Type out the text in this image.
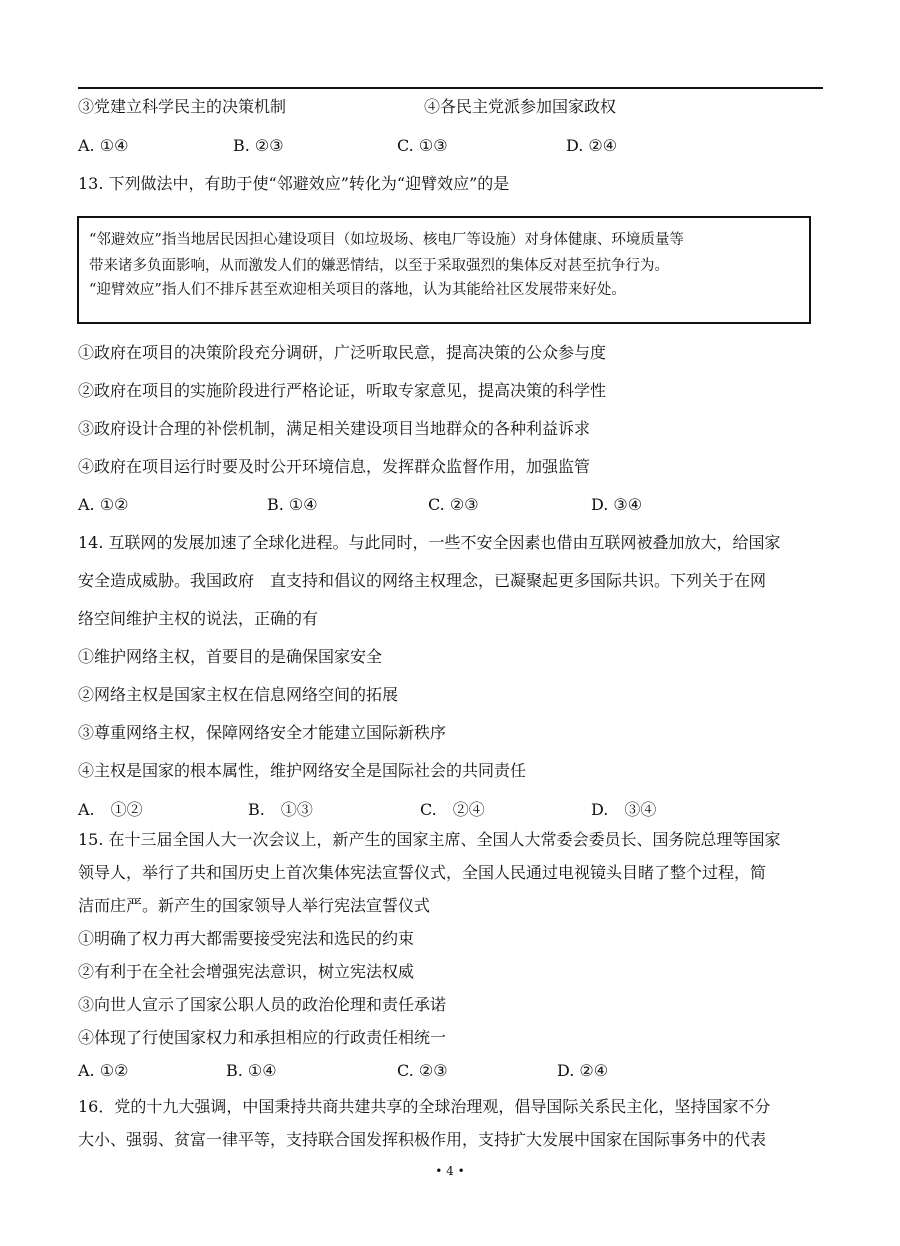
③党建立科学民主的决策机制	④各民主党派参加国家政权
A. ①④	B. ②③	C. ①③	D. ②④
13. 下列做法中，有助于使“邻避效应”转化为“迎臂效应”的是
“邻避效应”指当地居民因担心建设项目（如垃圾场、核电厂等设施）对身体健康、环境质量等
带来诸多负面影响，从而激发人们的嫌恶情结，以至于采取强烈的集体反对甚至抗争行为。
“迎臂效应”指人们不排斥甚至欢迎相关项目的落地，认为其能给社区发展带来好处。
①政府在项目的决策阶段充分调研，广泛听取民意，提高决策的公众参与度
②政府在项目的实施阶段进行严格论证，听取专家意见，提高决策的科学性
③政府设计合理的补偿机制，满足相关建设项目当地群众的各种利益诉求
④政府在项目运行时要及时公开环境信息，发挥群众监督作用，加强监管
A. ①②	B. ①④	C. ②③	D. ③④
14. 互联网的发展加速了全球化进程。与此同时，一些不安全因素也借由互联网被叠加放大，给国家
安全造成威胁。我国政府　直支持和倡议的网络主权理念，已凝聚起更多国际共识。下列关于在网
络空间维护主权的说法，正确的有
①维护网络主权，首要目的是确保国家安全
②网络主权是国家主权在信息网络空间的拓展
③尊重网络主权，保障网络安全才能建立国际新秩序
④主权是国家的根本属性，维护网络安全是国际社会的共同责任
A.　①②	B.　①③	C.　②④	D.　③④
15. 在十三届全国人大一次会议上，新产生的国家主席、全国人大常委会委员长、国务院总理等国家
领导人，举行了共和国历史上首次集体宪法宣誓仪式，全国人民通过电视镜头目睹了整个过程，简
洁而庄严。新产生的国家领导人举行宪法宣誓仪式
①明确了权力再大都需要接受宪法和选民的约束
②有利于在全社会增强宪法意识，树立宪法权威
③向世人宣示了国家公职人员的政治伦理和责任承诺
④体现了行使国家权力和承担相应的行政责任相统一
A. ①②	B. ①④	C. ②③	D. ②④
16．党的十九大强调，中国秉持共商共建共享的全球治理观，倡导国际关系民主化，坚持国家不分
大小、强弱、贫富一律平等，支持联合国发挥积极作用，支持扩大发展中国家在国际事务中的代表
• 4 •
